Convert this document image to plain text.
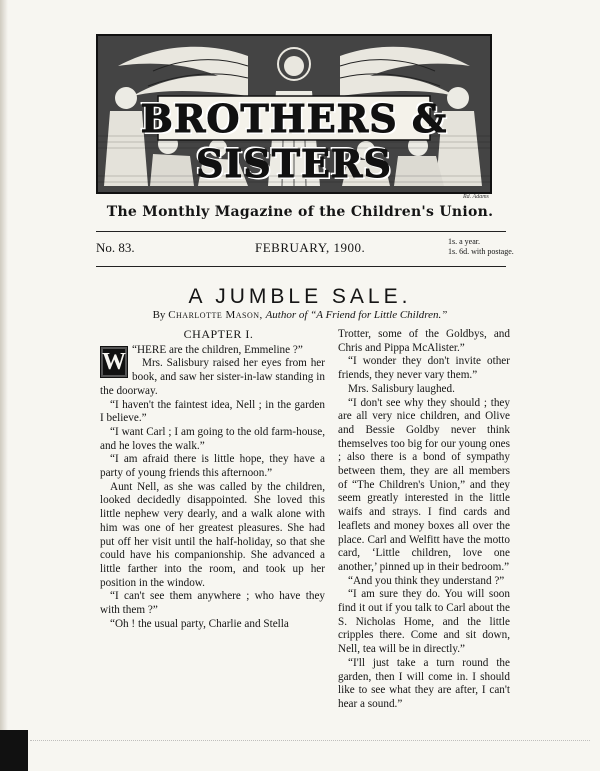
BROTHERS & SISTERS
Rd. Adams
The Monthly Magazine of the Children's Union.
No. 83.	FEBRUARY, 1900.	1s. a year.
1s. 6d. with postage.
A JUMBLE SALE.
By Charlotte Mason, Author of “A Friend for Little Children.”
CHAPTER I.
W “HERE are the children, Emmeline ?”

Mrs. Salisbury raised her eyes from her book, and saw her sister-in-law standing in the doorway.

“I haven't the faintest idea, Nell ; in the garden I believe.”

“I want Carl ; I am going to the old farm-house, and he loves the walk.”

“I am afraid there is little hope, they have a party of young friends this afternoon.”

Aunt Nell, as she was called by the children, looked decidedly disappointed. She loved this little nephew very dearly, and a walk alone with him was one of her greatest pleasures. She had put off her visit until the half-holiday, so that she could have his companionship. She advanced a little farther into the room, and took up her position in the window.

“I can't see them anywhere ; who have they with them ?”

“Oh ! the usual party, Charlie and Stella

Trotter, some of the Goldbys, and Chris and Pippa McAlister.”

“I wonder they don't invite other friends, they never vary them.”

Mrs. Salisbury laughed.

“I don't see why they should ; they are all very nice children, and Olive and Bessie Goldby never think themselves too big for our young ones ; also there is a bond of sympathy between them, they are all members of “The Children's Union,” and they seem greatly interested in the little waifs and strays. I find cards and leaflets and money boxes all over the place. Carl and Welfitt have the motto card, ‘Little children, love one another,’ pinned up in their bedroom.”

“And you think they understand ?”

“I am sure they do. You will soon find it out if you talk to Carl about the S. Nicholas Home, and the little cripples there. Come and sit down, Nell, tea will be in directly.”

“I'll just take a turn round the garden, then I will come in. I should like to see what they are after, I can't hear a sound.”
